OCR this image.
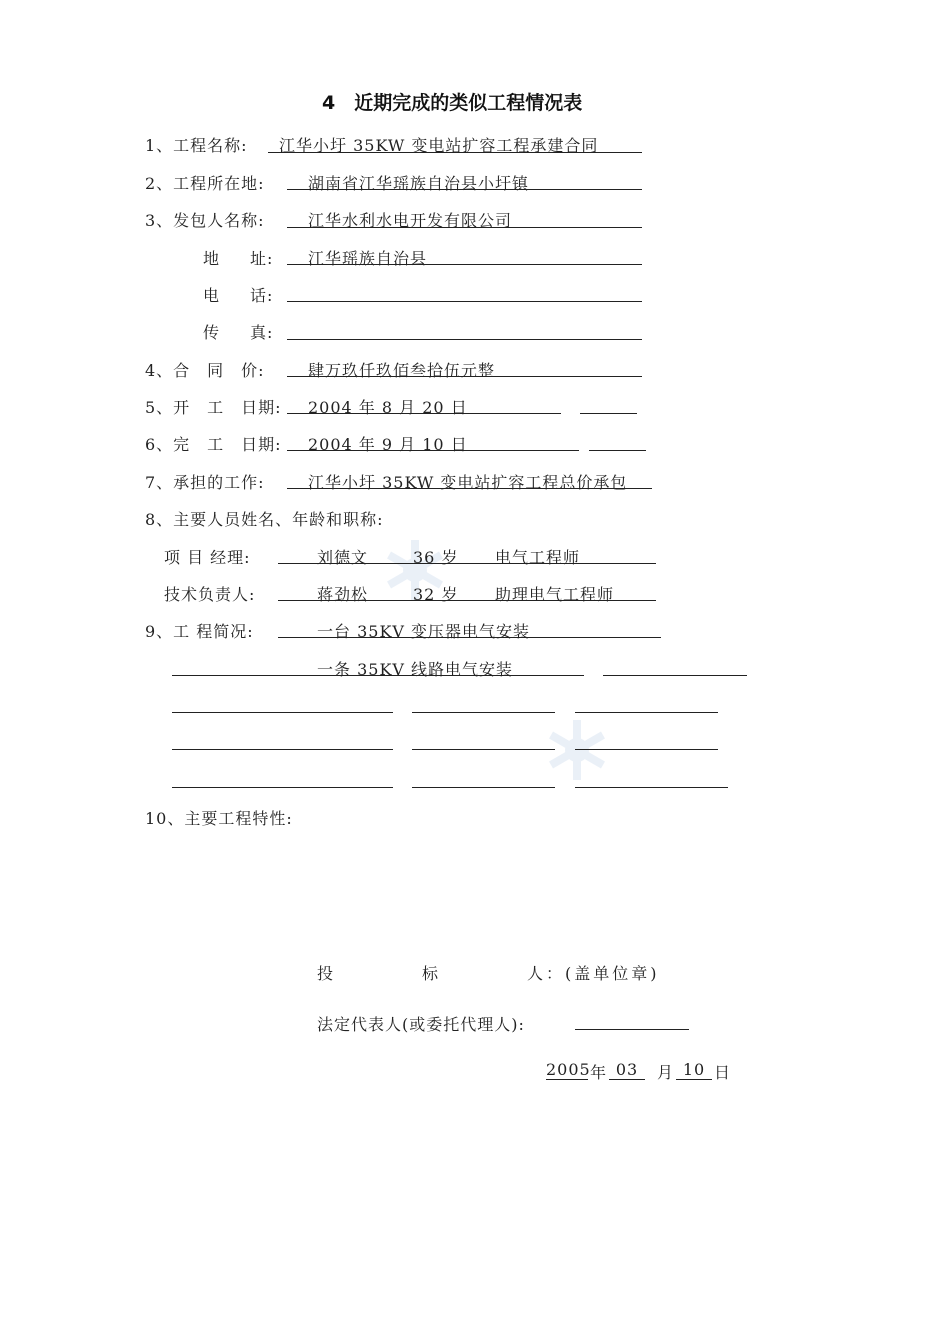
4　近期完成的类似工程情况表
1、工程名称: 江华小圩 35KW 变电站扩容工程承建合同
2、工程所在地:	湖南省江华瑶族自治县小圩镇
3、发包人名称:	江华水利水电开发有限公司
地 址: 江华瑶族自治县
电 话:
传 真:
4、合　同　价:	肆万玖仟玖佰叁拾伍元整
5、开　工　日期: 2004 年 8 月 20 日
6、完　工　日期: 2004 年 9 月 10 日
7、承担的工作:	江华小圩 35KW 变电站扩容工程总价承包
8、主要人员姓名、年龄和职称:
项 目 经理:	刘德文	36 岁 电气工程师
技术负责人:	蒋劲松	32 岁 助理电气工程师
9、工 程简况:	一台 35KV 变压器电气安装
一条 35KV 线路电气安装
10、主要工程特性:
投	标	人：(盖单位章)
法定代表人(或委托代理人):
2005 年 03	月 10 日
